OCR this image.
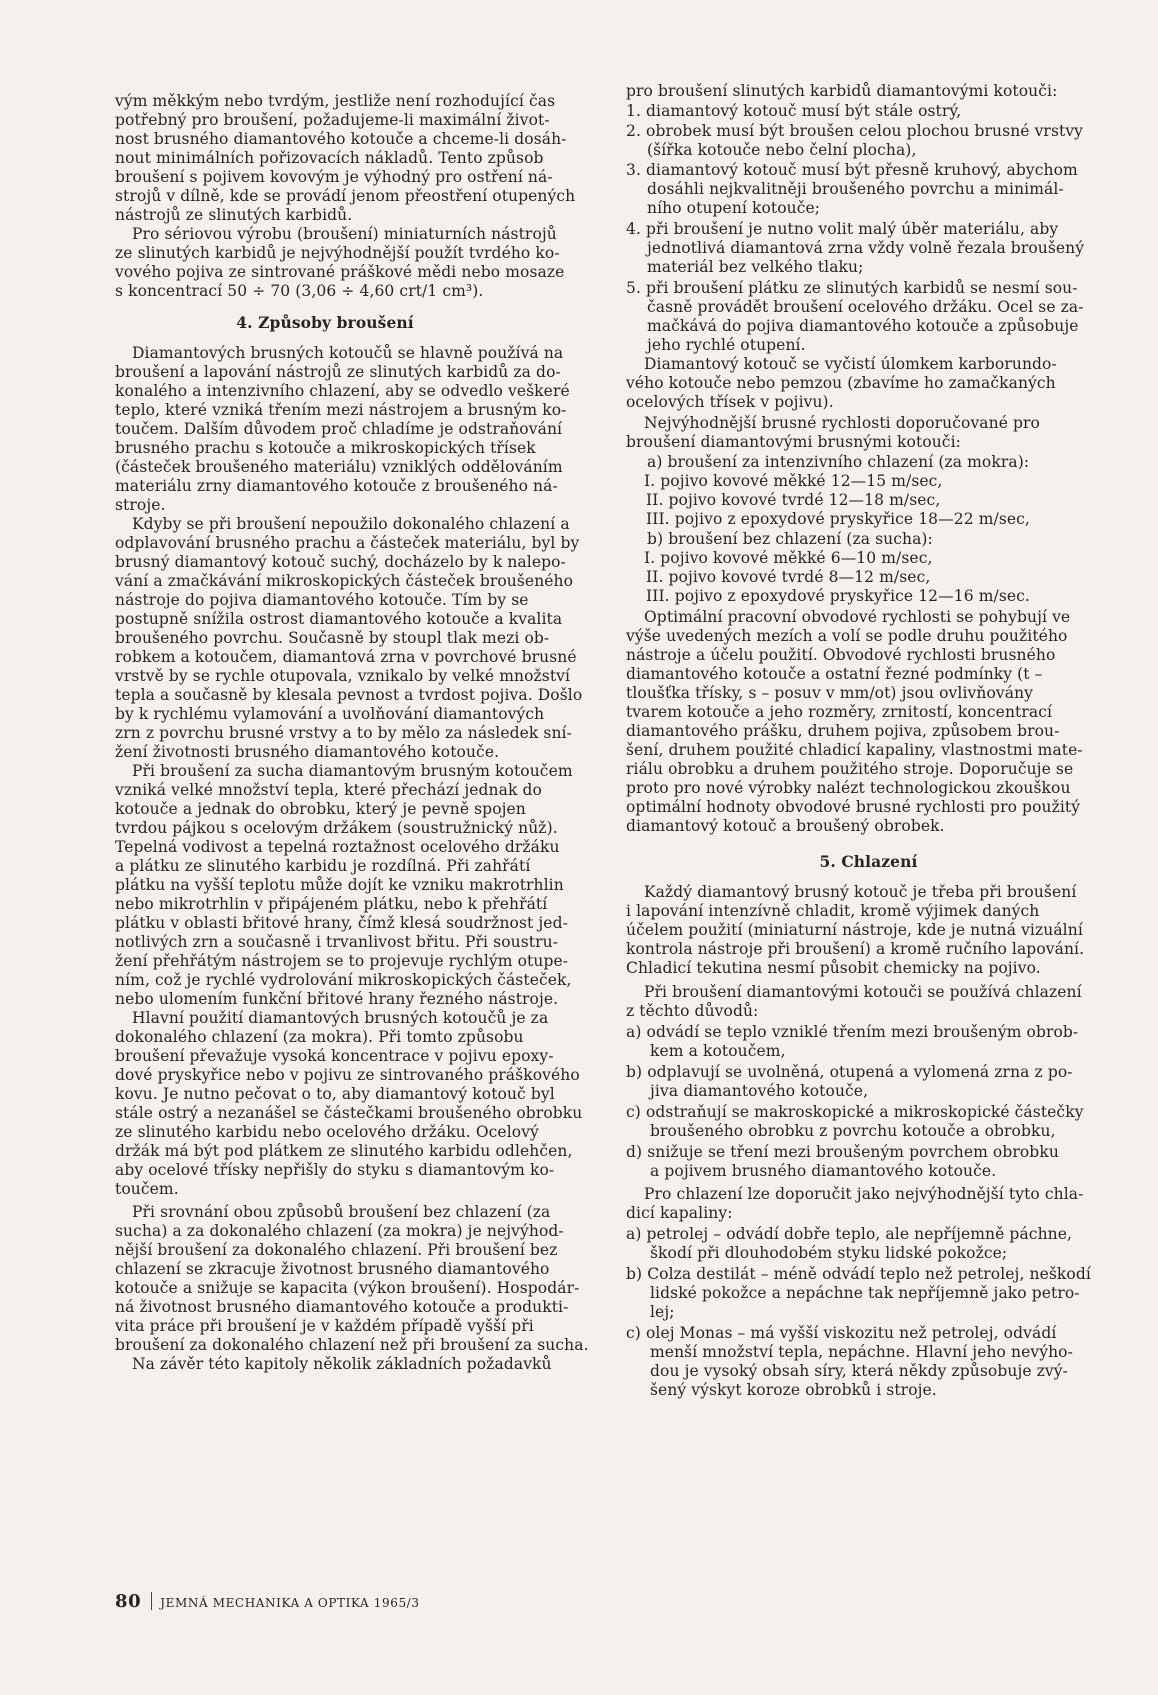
vým měkkým nebo tvrdým, jestliže není rozhodující čas
potřebný pro broušení, požadujeme-li maximální život-
nost brusného diamantového kotouče a chceme-li dosáh-
nout minimálních pořizovacích nákladů. Tento způsob
broušení s pojivem kovovým je výhodný pro ostření ná-
strojů v dílně, kde se provádí jenom přeostření otupených
nástrojů ze slinutých karbidů.
Pro sériovou výrobu (broušení) miniaturních nástrojů
ze slinutých karbidů je nejvýhodnější použít tvrdého ko-
vového pojiva ze sintrované práškové mědi nebo mosaze
s koncentrací 50 ÷ 70 (3,06 ÷ 4,60 crt/1 cm³).
4. Způsoby broušení
Diamantových brusných kotoučů se hlavně používá na
broušení a lapování nástrojů ze slinutých karbidů za do-
konalého a intenzivního chlazení, aby se odvedlo veškeré
teplo, které vzniká třením mezi nástrojem a brusným ko-
toučem. Dalším důvodem proč chladíme je odstraňování
brusného prachu s kotouče a mikroskopických třísek
(částeček broušeného materiálu) vzniklých oddělováním
materiálu zrny diamantového kotouče z broušeného ná-
stroje.
Kdyby se při broušení nepoužilo dokonalého chlazení a
odplavování brusného prachu a částeček materiálu, byl by
brusný diamantový kotouč suchý, docházelo by k nalepo-
vání a zmačkávání mikroskopických částeček broušeného
nástroje do pojiva diamantového kotouče. Tím by se
postupně snížila ostrost diamantového kotouče a kvalita
broušeného povrchu. Současně by stoupl tlak mezi ob-
robkem a kotoučem, diamantová zrna v povrchové brusné
vrstvě by se rychle otupovala, vznikalo by velké množství
tepla a současně by klesala pevnost a tvrdost pojiva. Došlo
by k rychlému vylamování a uvolňování diamantových
zrn z povrchu brusné vrstvy a to by mělo za následek sní-
žení životnosti brusného diamantového kotouče.
Při broušení za sucha diamantovým brusným kotoučem
vzniká velké množství tepla, které přechází jednak do
kotouče a jednak do obrobku, který je pevně spojen
tvrdou pájkou s ocelovým držákem (soustružnický nůž).
Tepelná vodivost a tepelná roztažnost ocelového držáku
a plátku ze slinutého karbidu je rozdílná. Při zahřátí
plátku na vyšší teplotu může dojít ke vzniku makrotrhlin
nebo mikrotrhlin v připájeném plátku, nebo k přehřátí
plátku v oblasti břitové hrany, čímž klesá soudržnost jed-
notlivých zrn a současně i trvanlivost břitu. Při soustru-
žení přehřátým nástrojem se to projevuje rychlým otupe-
ním, což je rychlé vydrolování mikroskopických částeček,
nebo ulomením funkční břitové hrany řezného nástroje.
Hlavní použití diamantových brusných kotoučů je za
dokonalého chlazení (za mokra). Při tomto způsobu
broušení převažuje vysoká koncentrace v pojivu epoxy-
dové pryskyřice nebo v pojivu ze sintrovaného práškového
kovu. Je nutno pečovat o to, aby diamantový kotouč byl
stále ostrý a nezanášel se částečkami broušeného obrobku
ze slinutého karbidu nebo ocelového držáku. Ocelový
držák má být pod plátkem ze slinutého karbidu odlehčen,
aby ocelové třísky nepřišly do styku s diamantovým ko-
toučem.
Při srovnání obou způsobů broušení bez chlazení (za
sucha) a za dokonalého chlazení (za mokra) je nejvýhod-
nější broušení za dokonalého chlazení. Při broušení bez
chlazení se zkracuje životnost brusného diamantového
kotouče a snižuje se kapacita (výkon broušení). Hospodár-
ná životnost brusného diamantového kotouče a produkti-
vita práce při broušení je v každém případě vyšší při
broušení za dokonalého chlazení než při broušení za sucha.
Na závěr této kapitoly několik základních požadavků
pro broušení slinutých karbidů diamantovými kotouči:
1. diamantový kotouč musí být stále ostrý,
2. obrobek musí být broušen celou plochou brusné vrstvy
(šířka kotouče nebo čelní plocha),
3. diamantový kotouč musí být přesně kruhový, abychom
dosáhli nejkvalitněji broušeného povrchu a minimál-
ního otupení kotouče;
4. při broušení je nutno volit malý úběr materiálu, aby
jednotlivá diamantová zrna vždy volně řezala broušený
materiál bez velkého tlaku;
5. při broušení plátku ze slinutých karbidů se nesmí sou-
časně provádět broušení ocelového držáku. Ocel se za-
mačkává do pojiva diamantového kotouče a způsobuje
jeho rychlé otupení.
Diamantový kotouč se vyčistí úlomkem karborundo-
vého kotouče nebo pemzou (zbavíme ho zamačkaných
ocelových třísek v pojivu).
Nejvýhodnější brusné rychlosti doporučované pro
broušení diamantovými brusnými kotouči:
a) broušení za intenzivního chlazení (za mokra):
I. pojivo kovové měkké 12—15 m/sec,
II. pojivo kovové tvrdé 12—18 m/sec,
III. pojivo z epoxydové pryskyřice 18—22 m/sec,
b) broušení bez chlazení (za sucha):
I. pojivo kovové měkké 6—10 m/sec,
II. pojivo kovové tvrdé 8—12 m/sec,
III. pojivo z epoxydové pryskyřice 12—16 m/sec.
Optimální pracovní obvodové rychlosti se pohybují ve
výše uvedených mezích a volí se podle druhu použitého
nástroje a účelu použití. Obvodové rychlosti brusného
diamantového kotouče a ostatní řezné podmínky (t –
tloušťka třísky, s – posuv v mm/ot) jsou ovlivňovány
tvarem kotouče a jeho rozměry, zrnitostí, koncentrací
diamantového prášku, druhem pojiva, způsobem brou-
šení, druhem použité chladicí kapaliny, vlastnostmi mate-
riálu obrobku a druhem použitého stroje. Doporučuje se
proto pro nové výrobky nalézt technologickou zkouškou
optimální hodnoty obvodové brusné rychlosti pro použitý
diamantový kotouč a broušený obrobek.
5. Chlazení
Každý diamantový brusný kotouč je třeba při broušení
i lapování intenzívně chladit, kromě výjimek daných
účelem použití (miniaturní nástroje, kde je nutná vizuální
kontrola nástroje při broušení) a kromě ručního lapování.
Chladicí tekutina nesmí působit chemicky na pojivo.
Při broušení diamantovými kotouči se používá chlazení
z těchto důvodů:
a) odvádí se teplo vzniklé třením mezi broušeným obrob-
kem a kotoučem,
b) odplavují se uvolněná, otupená a vylomená zrna z po-
jiva diamantového kotouče,
c) odstraňují se makroskopické a mikroskopické částečky
broušeného obrobku z povrchu kotouče a obrobku,
d) snižuje se tření mezi broušeným povrchem obrobku
a pojivem brusného diamantového kotouče.
Pro chlazení lze doporučit jako nejvýhodnější tyto chla-
dicí kapaliny:
a) petrolej – odvádí dobře teplo, ale nepříjemně páchne,
škodí při dlouhodobém styku lidské pokožce;
b) Colza destilát – méně odvádí teplo než petrolej, neškodí
lidské pokožce a nepáchne tak nepříjemně jako petro-
lej;
c) olej Monas – má vyšší viskozitu než petrolej, odvádí
menší množství tepla, nepáchne. Hlavní jeho nevýho-
dou je vysoký obsah síry, která někdy způsobuje zvý-
šený výskyt koroze obrobků i stroje.
80 JEMNÁ MECHANIKA A OPTIKA 1965/3
